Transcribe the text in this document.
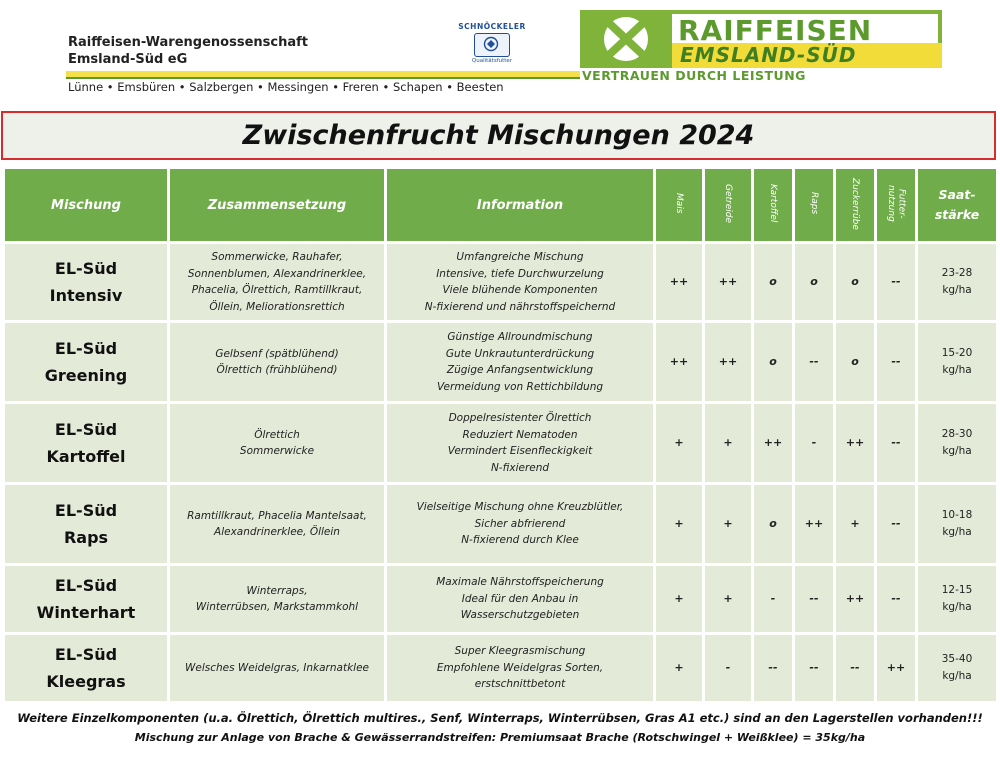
Raiffeisen-Warengenossenschaft
Emsland-Süd eG
Lünne • Emsbüren • Salzbergen • Messingen • Freren • Schapen • Beesten
SCHNÖCKELER
Qualitätsfutter
RAIFFEISEN
EMSLAND-SÜD
VERTRAUEN DURCH LEISTUNG
Zwischenfrucht Mischungen 2024
Mischung	Zusammensetzung	Information	Mais	Getreide	Kartoffel	Raps	Zuckerrübe	Futter-
nutzung	Saat-
stärke
EL-Süd
Intensiv	Sommerwicke, Rauhafer,
Sonnenblumen, Alexandrinerklee,
Phacelia, Ölrettich, Ramtillkraut,
Öllein, Meliorationsrettich	Umfangreiche Mischung
Intensive, tiefe Durchwurzelung
Viele blühende Komponenten
N-fixierend und nährstoffspeichernd	++	++	o	o	o	--	23-28
kg/ha
EL-Süd
Greening	Gelbsenf (spätblühend)
Ölrettich (frühblühend)	Günstige Allroundmischung
Gute Unkrautunterdrückung
Zügige Anfangsentwicklung
Vermeidung von Rettichbildung	++	++	o	--	o	--	15-20
kg/ha
EL-Süd
Kartoffel	Ölrettich
Sommerwicke	Doppelresistenter Ölrettich
Reduziert Nematoden
Vermindert Eisenfleckigkeit
N-fixierend	+	+	++	-	++	--	28-30
kg/ha
EL-Süd
Raps	Ramtillkraut, Phacelia Mantelsaat,
Alexandrinerklee, Öllein	Vielseitige Mischung ohne Kreuzblütler,
Sicher abfrierend
N-fixierend durch Klee	+	+	o	++	+	--	10-18
kg/ha
EL-Süd
Winterhart	Winterraps,
Winterrübsen, Markstammkohl	Maximale Nährstoffspeicherung
Ideal für den Anbau in
Wasserschutzgebieten	+	+	-	--	++	--	12-15
kg/ha
EL-Süd
Kleegras	Welsches Weidelgras, Inkarnatklee	Super Kleegrasmischung
Empfohlene Weidelgras Sorten,
erstschnittbetont	+	-	--	--	--	++	35-40
kg/ha
Weitere Einzelkomponenten (u.a. Ölrettich, Ölrettich multires., Senf, Winterraps, Winterrübsen, Gras A1 etc.) sind an den Lagerstellen vorhanden!!!
Mischung zur Anlage von Brache & Gewässerrandstreifen: Premiumsaat Brache (Rotschwingel + Weißklee) = 35kg/ha
